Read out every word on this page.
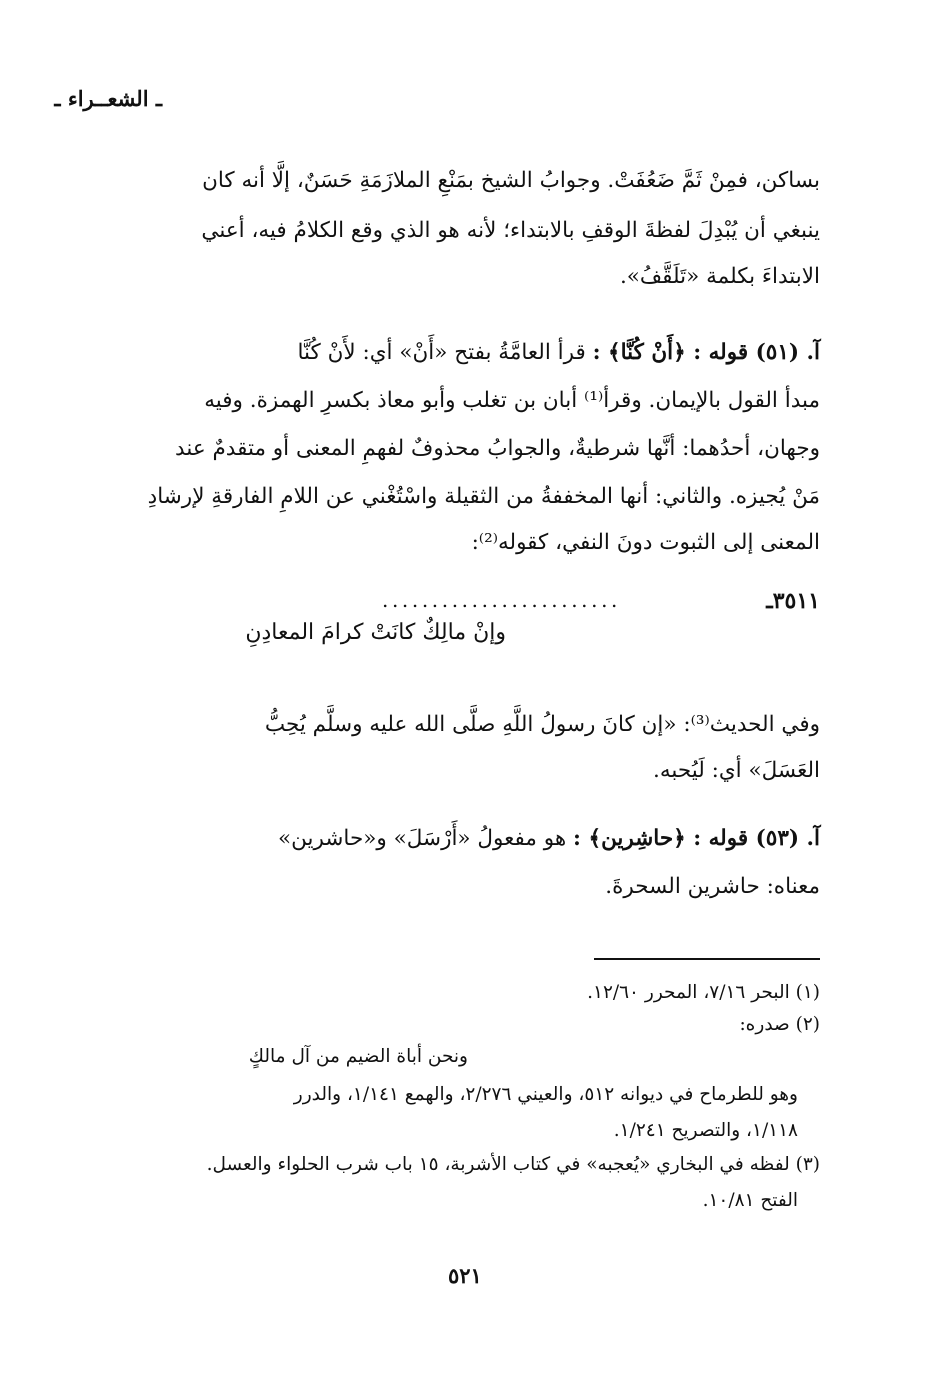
ـ الشعــراء ـ
بساكن، فمِنْ ثَمَّ ضَعُفَتْ. وجوابُ الشيخ بمَنْعِ الملازَمَةِ حَسَنٌ، إلَّا أنه كان
ينبغي أن يُبْدِلَ لفظةَ الوقفِ بالابتداء؛ لأنه هو الذي وقع الكلامُ فيه، أعني
الابتداءَ بكلمة «تَلَقَّفُ».
آ. (٥١) قوله : ﴿أَنْ كُنَّا﴾ : قرأ العامَّةُ بفتح «أَنْ» أي: لأَنْ كُنَّا
مبدأ القول بالإيمان. وقرأ⁽¹⁾ أبان بن تغلب وأبو معاذ بكسرِ الهمزة. وفيه
وجهان، أحدُهما: أنَّها شرطيةٌ، والجوابُ محذوفٌ لفهمِ المعنى أو متقدمٌ عند
مَنْ يُجيزه. والثاني: أنها المخففةُ من الثقيلة واسْتُغْني عن اللامِ الفارقةِ لإرشادِ
المعنى إلى الثبوت دونَ النفي، كقوله⁽²⁾:
٣٥١١ـ
........................
وإنْ مالِكٌ كانَتْ كرامَ المعادِنِ
وفي الحديث⁽³⁾: «إن كانَ رسولُ اللَّهِ صلَّى الله عليه وسلَّم يُحِبُّ
العَسَلَ» أي: لَيُحبه.
آ. (٥٣) قوله : ﴿حاشِرين﴾ : هو مفعولُ «أَرْسَلَ» و«حاشرين»
معناه: حاشرين السحرةَ.
(١) البحر ٧/١٦، المحرر ١٢/٦٠.
(٢) صدره:
ونحن أباة الضيم من آل مالكٍ
وهو للطرماح في ديوانه ٥١٢، والعيني ٢/٢٧٦، والهمع ١/١٤١، والدرر
١/١١٨، والتصريح ١/٢٤١.
(٣) لفظه في البخاري «يُعجبه» في كتاب الأشربة، ١٥ باب شرب الحلواء والعسل.
الفتح ١٠/٨١.
٥٢١
